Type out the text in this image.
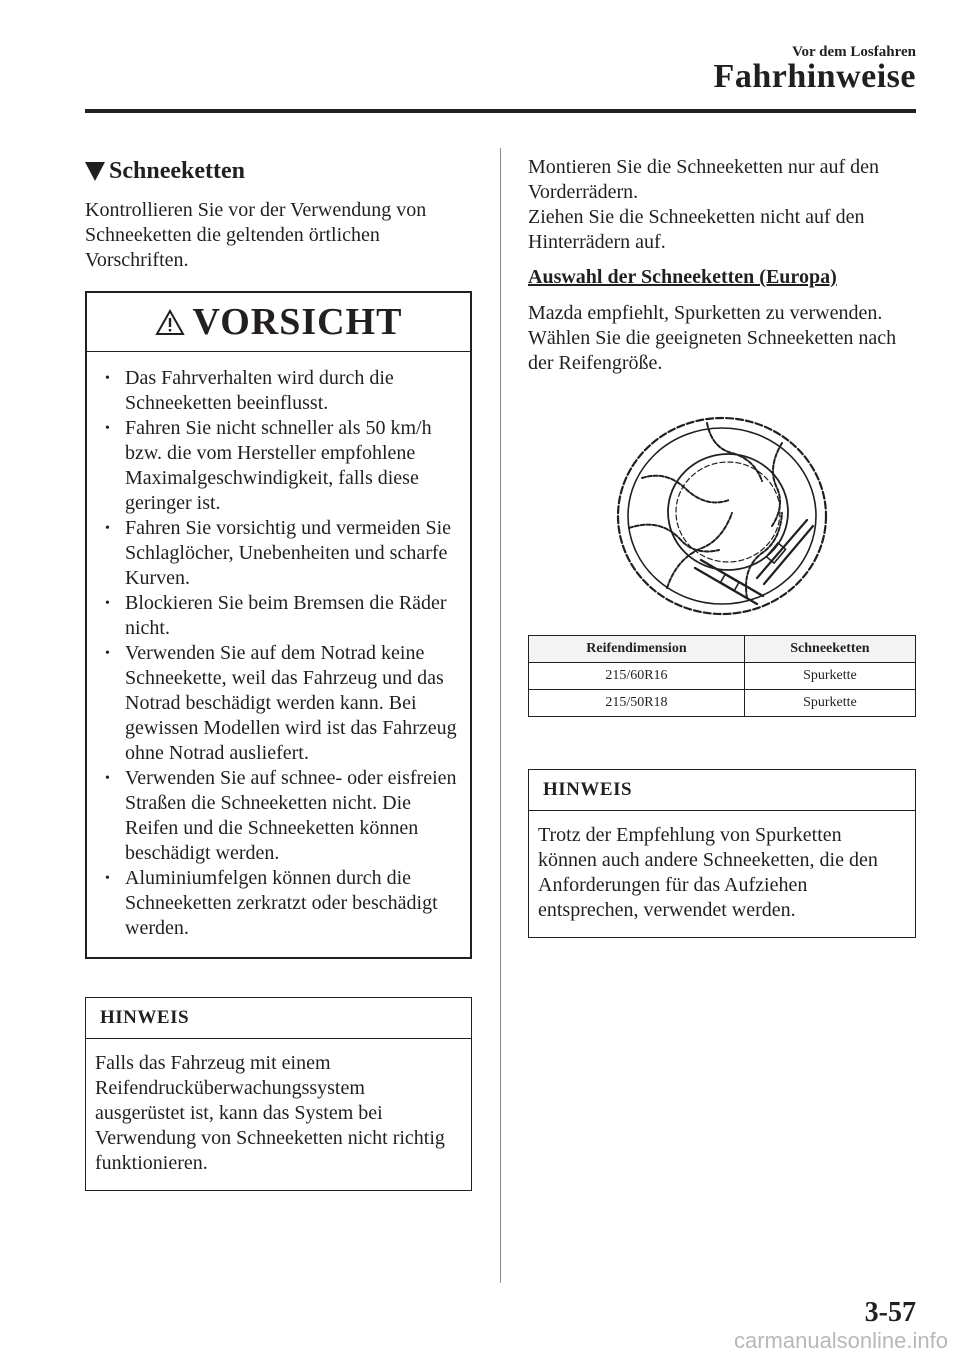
Vor dem Losfahren
Fahrhinweise
Schneeketten

Kontrollieren Sie vor der Verwendung von Schneeketten die geltenden örtlichen Vorschriften.

VORSICHT
• Das Fahrverhalten wird durch die Schneeketten beeinflusst.
• Fahren Sie nicht schneller als 50 km/h bzw. die vom Hersteller empfohlene Maximalgeschwindigkeit, falls diese geringer ist.
• Fahren Sie vorsichtig und vermeiden Sie Schlaglöcher, Unebenheiten und scharfe Kurven.
• Blockieren Sie beim Bremsen die Räder nicht.
• Verwenden Sie auf dem Notrad keine Schneekette, weil das Fahrzeug und das Notrad beschädigt werden kann. Bei gewissen Modellen wird ist das Fahrzeug ohne Notrad ausliefert.
• Verwenden Sie auf schnee- oder eisfreien Straßen die Schneeketten nicht. Die Reifen und die Schneeketten können beschädigt werden.
• Aluminiumfelgen können durch die Schneeketten zerkratzt oder beschädigt werden.
HINWEIS

Falls das Fahrzeug mit einem Reifendrucküberwachungssystem ausgerüstet ist, kann das System bei Verwendung von Schneeketten nicht richtig funktionieren.

Montieren Sie die Schneeketten nur auf den Vorderrädern.

Ziehen Sie die Schneeketten nicht auf den Hinterrädern auf.

Auswahl der Schneeketten (Europa)

Mazda empfiehlt, Spurketten zu verwenden. Wählen Sie die geeigneten Schneeketten nach der Reifengröße.

Reifendimension	Schneeketten
215/60R16	Spurkette
215/50R18	Spurkette
HINWEIS

Trotz der Empfehlung von Spurketten können auch andere Schneeketten, die den Anforderungen für das Aufziehen entsprechen, verwendet werden.

3-57
carmanualsonline.info
